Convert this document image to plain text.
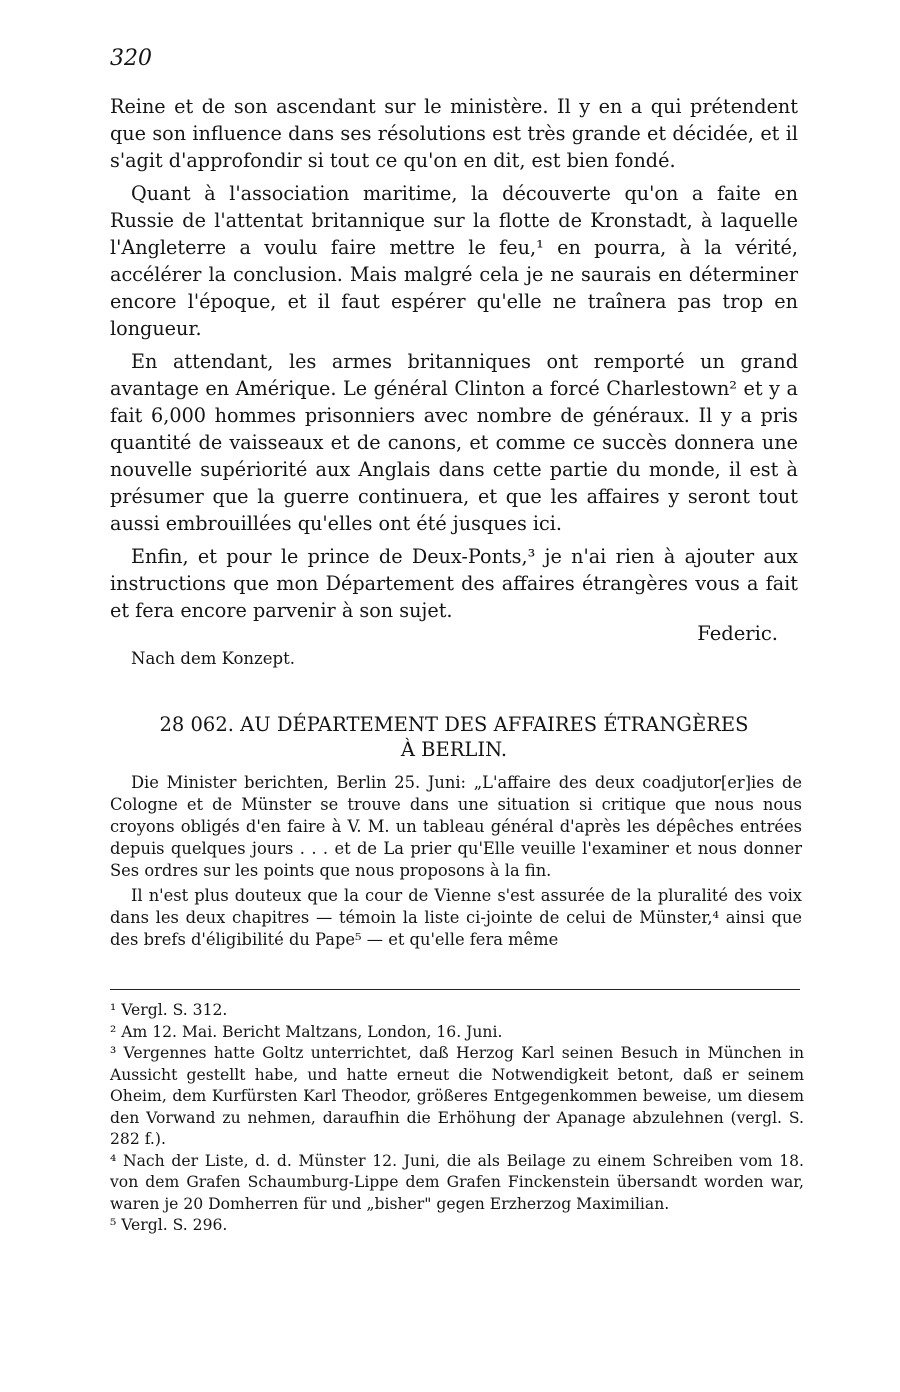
320

Reine et de son ascendant sur le ministère. Il y en a qui prétendent que son influence dans ses résolutions est très grande et décidée, et il s'agit d'approfondir si tout ce qu'on en dit, est bien fondé.

Quant à l'association maritime, la découverte qu'on a faite en Russie de l'attentat britannique sur la flotte de Kronstadt, à laquelle l'Angleterre a voulu faire mettre le feu,¹ en pourra, à la vérité, accélérer la conclusion. Mais malgré cela je ne saurais en déterminer encore l'époque, et il faut espérer qu'elle ne traînera pas trop en longueur.

En attendant, les armes britanniques ont remporté un grand avantage en Amérique. Le général Clinton a forcé Charlestown² et y a fait 6,000 hommes prisonniers avec nombre de généraux. Il y a pris quantité de vaisseaux et de canons, et comme ce succès donnera une nouvelle supériorité aux Anglais dans cette partie du monde, il est à présumer que la guerre continuera, et que les affaires y seront tout aussi embrouillées qu'elles ont été jusques ici.

Enfin, et pour le prince de Deux-Ponts,³ je n'ai rien à ajouter aux instructions que mon Département des affaires étrangères vous a fait et fera encore parvenir à son sujet.

Federic.
Nach dem Konzept.
28 062. AU DÉPARTEMENT DES AFFAIRES ÉTRANGÈRES
À BERLIN.

Die Minister berichten, Berlin 25. Juni: „L'affaire des deux coadjutor[er]ies de Cologne et de Münster se trouve dans une situation si critique que nous nous croyons obligés d'en faire à V. M. un tableau général d'après les dépêches entrées depuis quelques jours . . . et de La prier qu'Elle veuille l'examiner et nous donner Ses ordres sur les points que nous proposons à la fin.

Il n'est plus douteux que la cour de Vienne s'est assurée de la pluralité des voix dans les deux chapitres — témoin la liste ci-jointe de celui de Münster,⁴ ainsi que des brefs d'éligibilité du Pape⁵ — et qu'elle fera même

¹ Vergl. S. 312.

² Am 12. Mai. Bericht Maltzans, London, 16. Juni.

³ Vergennes hatte Goltz unterrichtet, daß Herzog Karl seinen Besuch in München in Aussicht gestellt habe, und hatte erneut die Notwendigkeit betont, daß er seinem Oheim, dem Kurfürsten Karl Theodor, größeres Entgegenkommen beweise, um diesem den Vorwand zu nehmen, daraufhin die Erhöhung der Apanage abzulehnen (vergl. S. 282 f.).

⁴ Nach der Liste, d. d. Münster 12. Juni, die als Beilage zu einem Schreiben vom 18. von dem Grafen Schaumburg-Lippe dem Grafen Finckenstein übersandt worden war, waren je 20 Domherren für und „bisher" gegen Erzherzog Maximilian.

⁵ Vergl. S. 296.
